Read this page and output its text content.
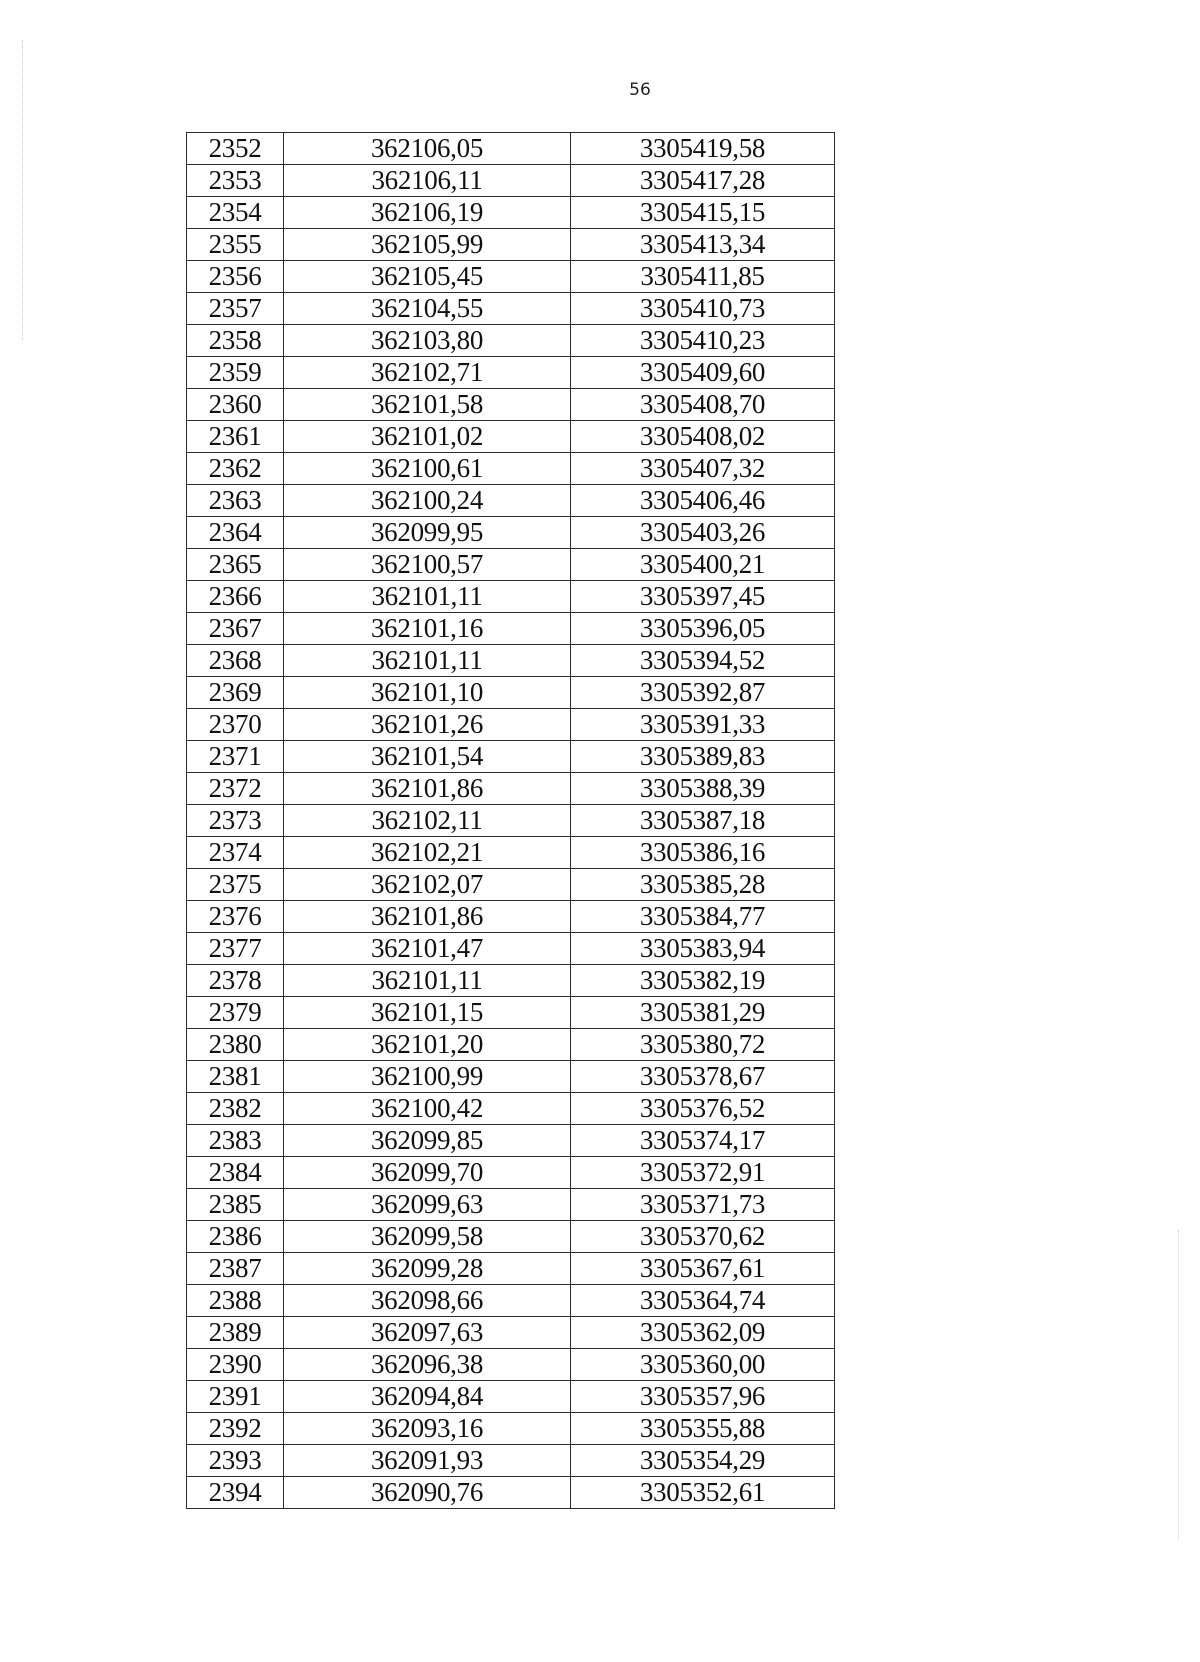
56
2352	362106,05	3305419,58
2353	362106,11	3305417,28
2354	362106,19	3305415,15
2355	362105,99	3305413,34
2356	362105,45	3305411,85
2357	362104,55	3305410,73
2358	362103,80	3305410,23
2359	362102,71	3305409,60
2360	362101,58	3305408,70
2361	362101,02	3305408,02
2362	362100,61	3305407,32
2363	362100,24	3305406,46
2364	362099,95	3305403,26
2365	362100,57	3305400,21
2366	362101,11	3305397,45
2367	362101,16	3305396,05
2368	362101,11	3305394,52
2369	362101,10	3305392,87
2370	362101,26	3305391,33
2371	362101,54	3305389,83
2372	362101,86	3305388,39
2373	362102,11	3305387,18
2374	362102,21	3305386,16
2375	362102,07	3305385,28
2376	362101,86	3305384,77
2377	362101,47	3305383,94
2378	362101,11	3305382,19
2379	362101,15	3305381,29
2380	362101,20	3305380,72
2381	362100,99	3305378,67
2382	362100,42	3305376,52
2383	362099,85	3305374,17
2384	362099,70	3305372,91
2385	362099,63	3305371,73
2386	362099,58	3305370,62
2387	362099,28	3305367,61
2388	362098,66	3305364,74
2389	362097,63	3305362,09
2390	362096,38	3305360,00
2391	362094,84	3305357,96
2392	362093,16	3305355,88
2393	362091,93	3305354,29
2394	362090,76	3305352,61
